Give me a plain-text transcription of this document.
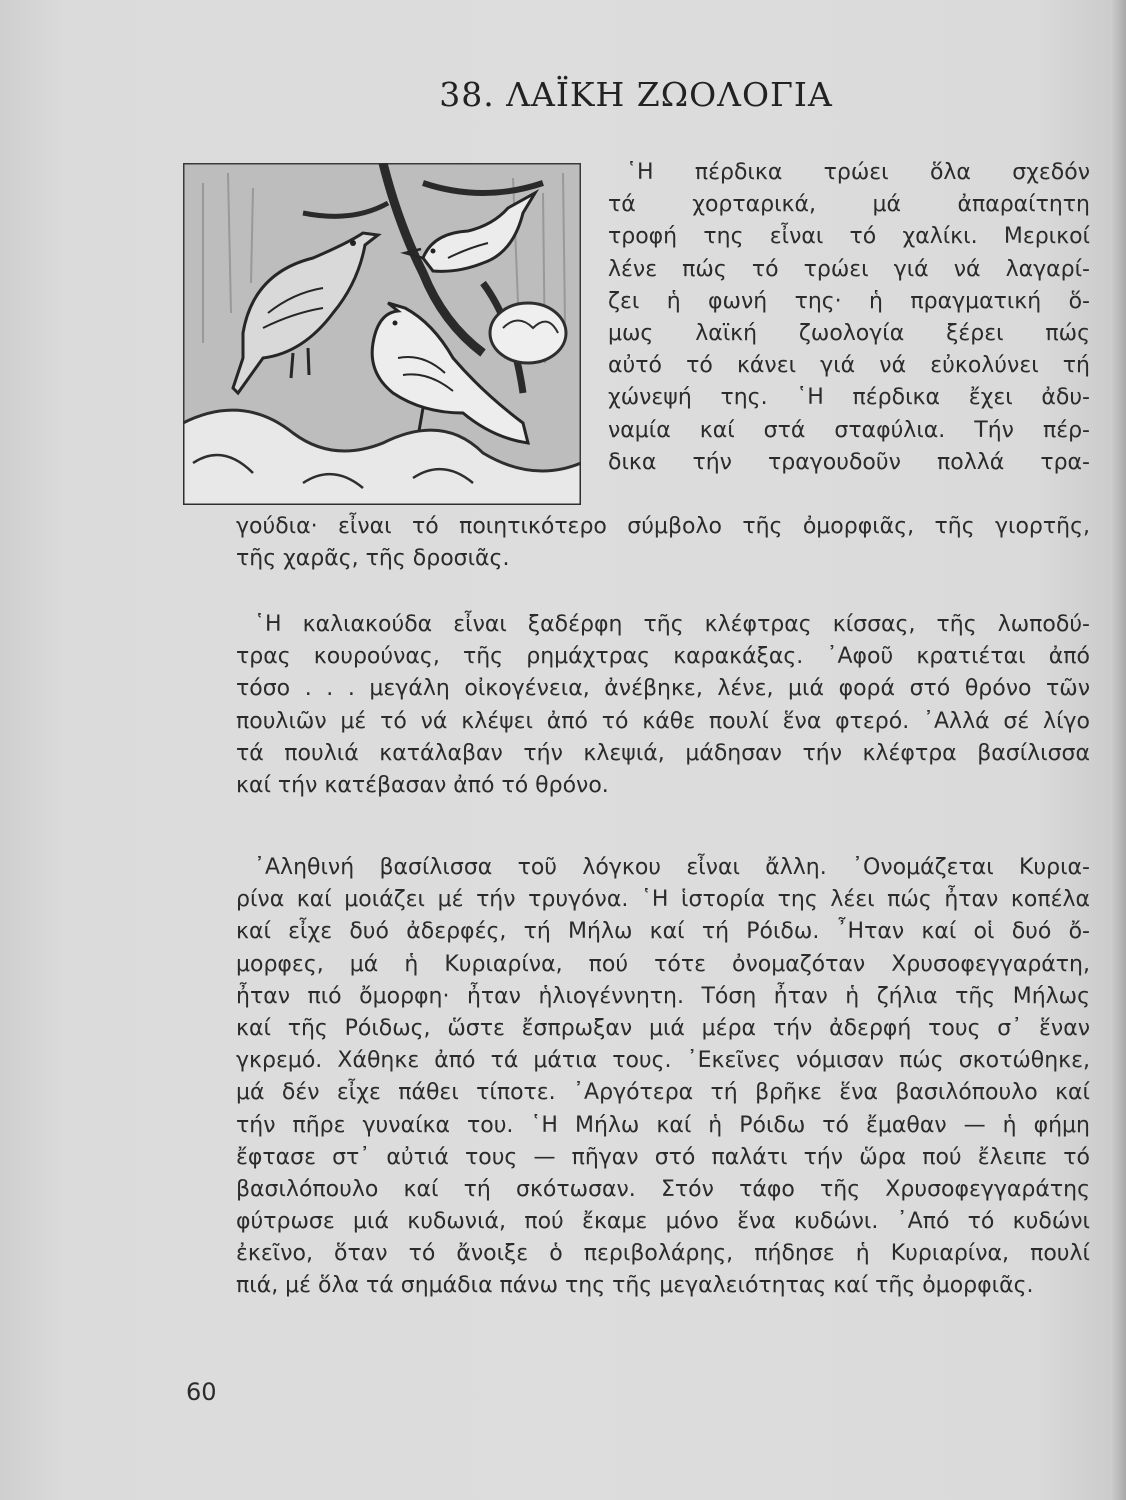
38. ΛΑΪΚΗ ΖΩΟΛΟΓΙΑ
῾Η πέρδικα τρώει ὅλα σχεδόν
τά χορταρικά, μά ἀπαραίτητη
τροφή της εἶναι τό χαλίκι. Μερικοί
λένε πώς τό τρώει γιά νά λαγαρί-
ζει ἡ φωνή της· ἡ πραγματική ὅ-
μως λαϊκή ζωολογία ξέρει πώς
αὐτό τό κάνει γιά νά εὐκολύνει τή
χώνεψή της. ῾Η πέρδικα ἔχει ἀδυ-
ναμία καί στά σταφύλια. Τήν πέρ-
δικα τήν τραγουδοῦν πολλά τρα-
γούδια· εἶναι τό ποιητικότερο σύμβολο τῆς ὀμορφιᾶς, τῆς γιορτῆς,
τῆς χαρᾶς, τῆς δροσιᾶς.
῾Η καλιακούδα εἶναι ξαδέρφη τῆς κλέφτρας κίσσας, τῆς λωποδύ-
τρας κουρούνας, τῆς ρημάχτρας καρακάξας. ᾿Αφοῦ κρατιέται ἀπό
τόσο . . . μεγάλη οἰκογένεια, ἀνέβηκε, λένε, μιά φορά στό θρόνο τῶν
πουλιῶν μέ τό νά κλέψει ἀπό τό κάθε πουλί ἕνα φτερό. ᾿Αλλά σέ λίγο
τά πουλιά κατάλαβαν τήν κλεψιά, μάδησαν τήν κλέφτρα βασίλισσα
καί τήν κατέβασαν ἀπό τό θρόνο.
᾿Αληθινή βασίλισσα τοῦ λόγκου εἶναι ἄλλη. ᾿Ονομάζεται Κυρια-
ρίνα καί μοιάζει μέ τήν τρυγόνα. ῾Η ἱστορία της λέει πώς ἦταν κοπέλα
καί εἶχε δυό ἀδερφές, τή Μήλω καί τή Ρόιδω. ῏Ηταν καί οἱ δυό ὄ-
μορφες, μά ἡ Κυριαρίνα, πού τότε ὀνομαζόταν Χρυσοφεγγαράτη,
ἦταν πιό ὄμορφη· ἦταν ἡλιογέννητη. Τόση ἦταν ἡ ζήλια τῆς Μήλως
καί τῆς Ρόιδως, ὥστε ἔσπρωξαν μιά μέρα τήν ἀδερφή τους σ᾿ ἕναν
γκρεμό. Χάθηκε ἀπό τά μάτια τους. ᾿Εκεῖνες νόμισαν πώς σκοτώθηκε,
μά δέν εἶχε πάθει τίποτε. ᾿Αργότερα τή βρῆκε ἕνα βασιλόπουλο καί
τήν πῆρε γυναίκα του. ῾Η Μήλω καί ἡ Ρόιδω τό ἔμαθαν — ἡ φήμη
ἔφτασε στ᾿ αὐτιά τους — πῆγαν στό παλάτι τήν ὥρα πού ἔλειπε τό
βασιλόπουλο καί τή σκότωσαν. Στόν τάφο τῆς Χρυσοφεγγαράτης
φύτρωσε μιά κυδωνιά, πού ἔκαμε μόνο ἕνα κυδώνι. ᾿Από τό κυδώνι
ἐκεῖνο, ὅταν τό ἄνοιξε ὁ περιβολάρης, πήδησε ἡ Κυριαρίνα, πουλί
πιά, μέ ὅλα τά σημάδια πάνω της τῆς μεγαλειότητας καί τῆς ὀμορφιᾶς.
60
